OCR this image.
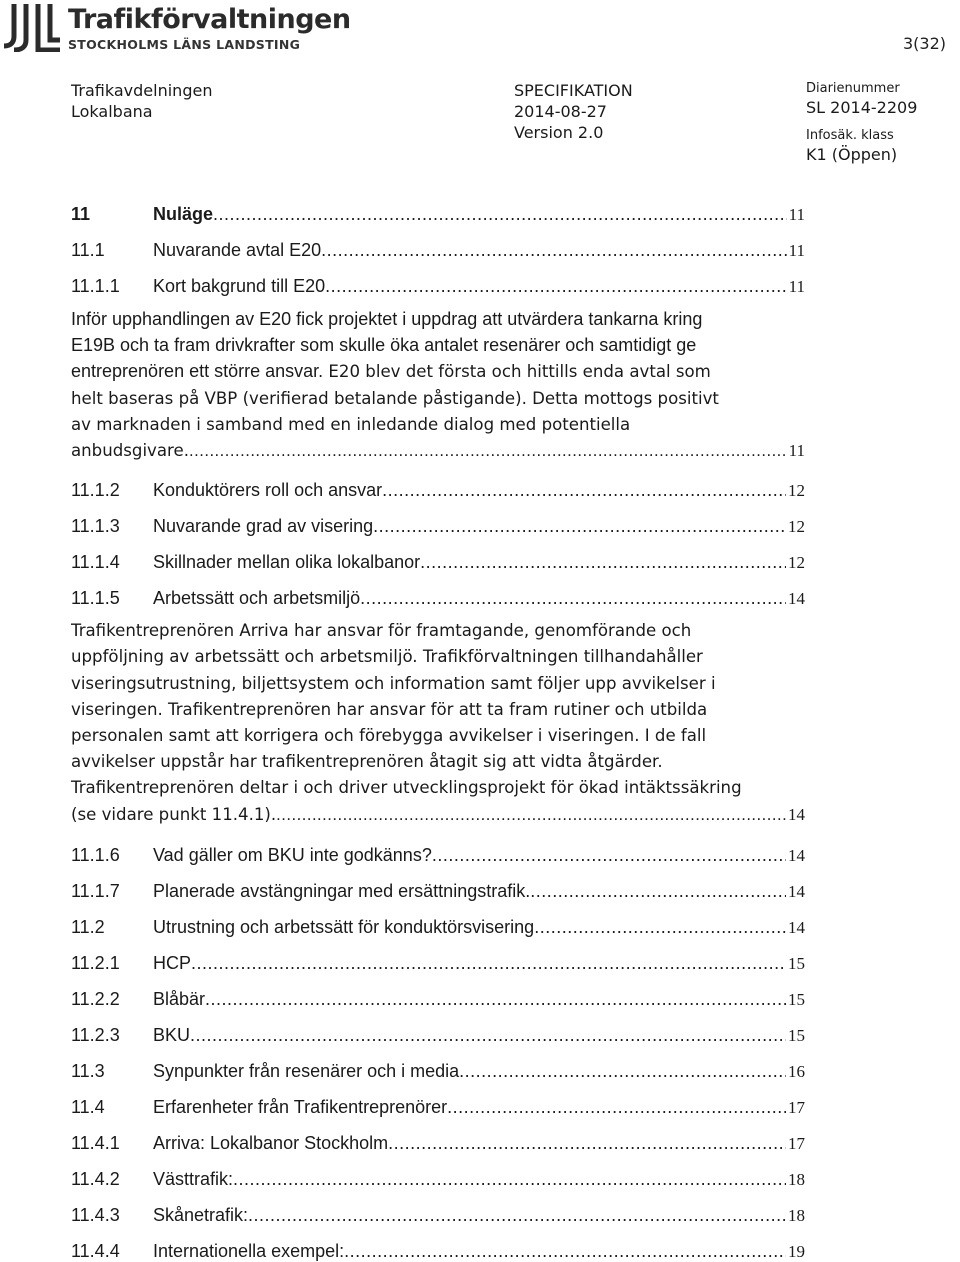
Trafikförvaltningen

STOCKHOLMS LÄNS LANDSTING	3(32)
Trafikavdelningen
Lokalbana
SPECIFIKATION
2014-08-27
Version 2.0
Diarienummer
SL 2014-2209
Infosäk. klass
K1 (Öppen)
11	Nuläge .....	11
11.1	Nuvarande avtal E20 .....	11
11.1.1	Kort bakgrund till E20 .....	11
Inför upphandlingen av E20 fick projektet i uppdrag att utvärdera tankarna kring
E19B och ta fram drivkrafter som skulle öka antalet resenärer och samtidigt ge
entreprenören ett större ansvar. E20 blev det första och hittills enda avtal som
helt baseras på VBP (verifierad betalande påstigande). Detta mottogs positivt
av marknaden i samband med en inledande dialog med potentiella
anbudsgivare. .....	11
11.1.2	Konduktörers roll och ansvar .....	12
11.1.3	Nuvarande grad av visering .....	12
11.1.4	Skillnader mellan olika lokalbanor .....	12
11.1.5	Arbetssätt och arbetsmiljö .....	14
Trafikentreprenören Arriva har ansvar för framtagande, genomförande och
uppföljning av arbetssätt och arbetsmiljö. Trafikförvaltningen tillhandahåller
viseringsutrustning, biljettsystem och information samt följer upp avvikelser i
viseringen. Trafikentreprenören har ansvar för att ta fram rutiner och utbilda
personalen samt att korrigera och förebygga avvikelser i viseringen. I de fall
avvikelser uppstår har trafikentreprenören åtagit sig att vidta åtgärder.
Trafikentreprenören deltar i och driver utvecklingsprojekt för ökad intäktssäkring
(se vidare punkt 11.4.1). .....	14
11.1.6	Vad gäller om BKU inte godkänns? .....	14
11.1.7	Planerade avstängningar med ersättningstrafik. .....	14
11.2	Utrustning och arbetssätt för konduktörsvisering .....	14
11.2.1	HCP .....	15
11.2.2	Blåbär .....	15
11.2.3	BKU .....	15
11.3	Synpunkter från resenärer och i media .....	16
11.4	Erfarenheter från Trafikentreprenörer .....	17
11.4.1	Arriva: Lokalbanor Stockholm .....	17
11.4.2	Västtrafik: .....	18
11.4.3	Skånetrafik: .....	18
11.4.4	Internationella exempel: .....	19
